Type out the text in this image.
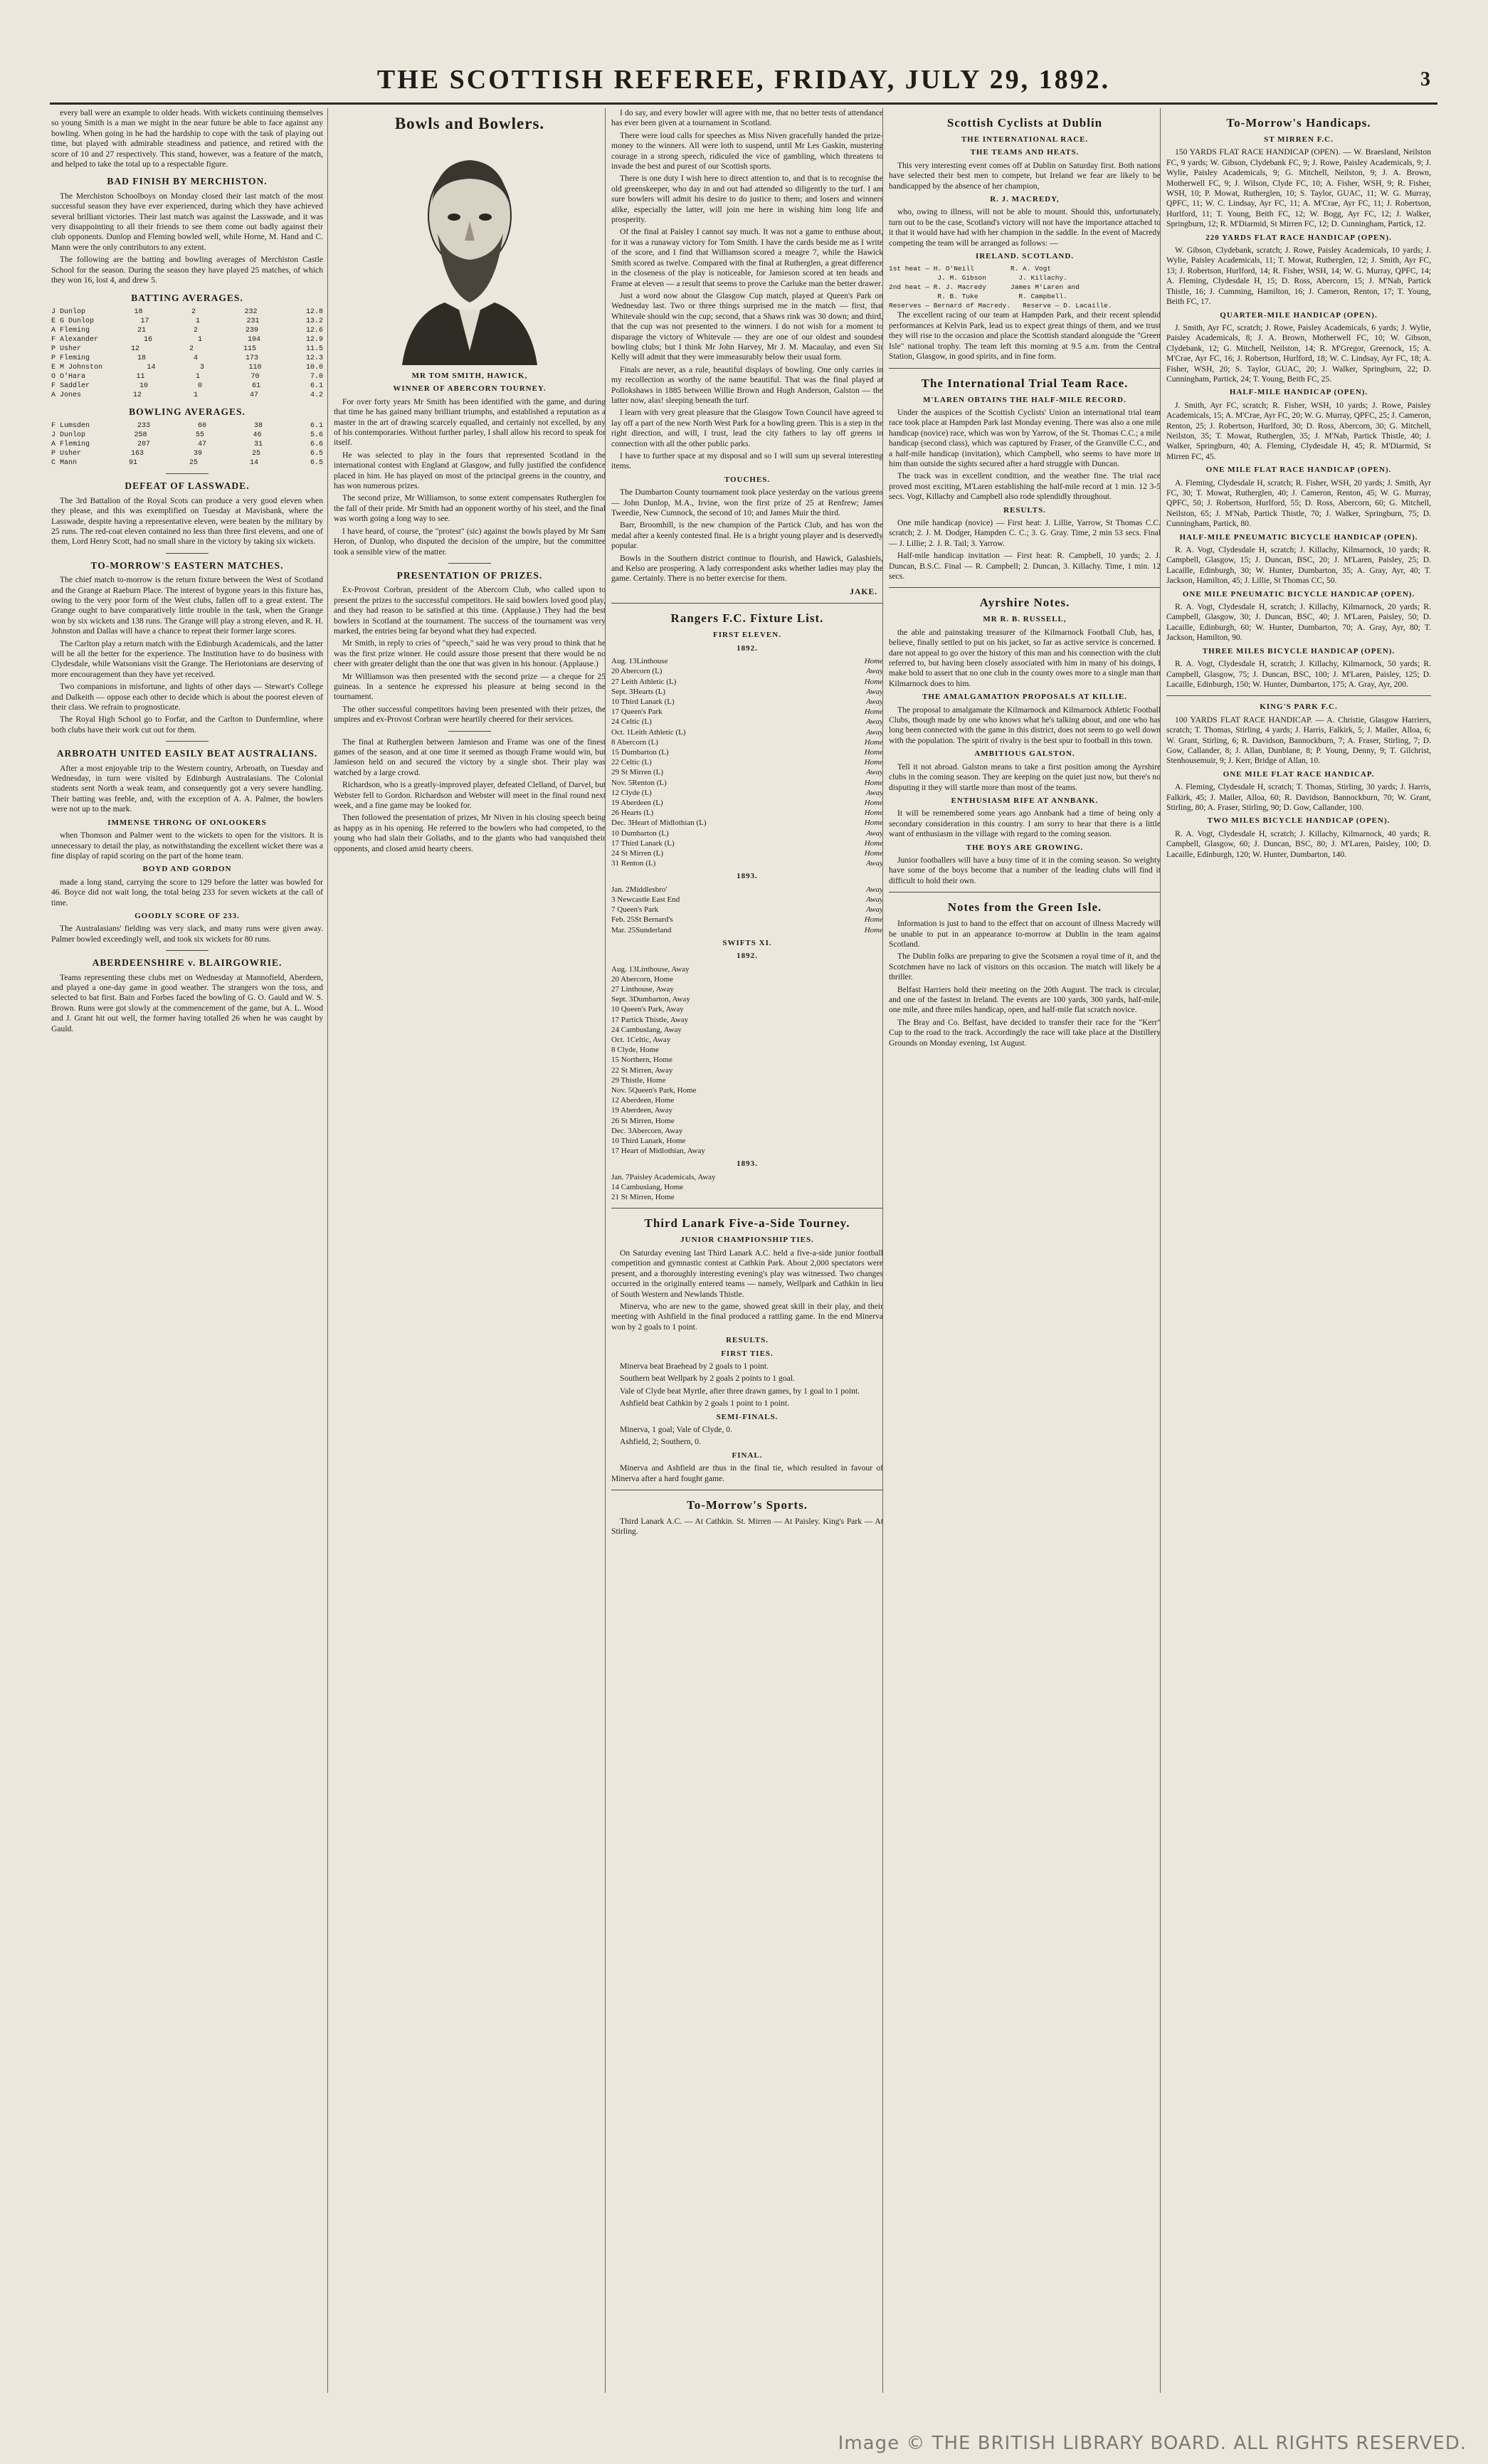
THE SCOTTISH REFEREE, FRIDAY, JULY 29, 1892.	3

every ball were an example to older heads. With wickets continuing themselves so young Smith is a man we might in the near future be able to face against any bowling. When going in he had the hardship to cope with the task of playing out time, but played with admirable steadiness and patience, and retired with the score of 10 and 27 respectively. This stand, however, was a feature of the match, and helped to take the total up to a respectable figure.

BAD FINISH BY MERCHISTON.

The Merchiston Schoolboys on Monday closed their last match of the most successful season they have ever experienced, during which they have achieved several brilliant victories. Their last match was against the Lasswade, and it was very disappointing to all their friends to see them come out badly against their club opponents. Dunlop and Fleming bowled well, while Horne, M. Hand and C. Mann were the only contributors to any extent.

The following are the batting and bowling averages of Merchiston Castle School for the season. During the season they have played 25 matches, of which they won 16, lost 4, and drew 5.

BATTING AVERAGES.
J Dunlop	18	2	232	12.8
E G Dunlop	17	1	231	13.2
A Fleming	21	2	239	12.6
F Alexander	16	1	194	12.9
P Usher	12	2	115	11.5
P Fleming	18	4	173	12.3
E M Johnston	14	3	110	10.0
O O'Hara	11	1	70	7.0
F Saddler	10	0	61	6.1
A Jones	12	1	47	4.2
BOWLING AVERAGES.
F Lumsden	233	60	38	6.1
J Dunlop	258	55	46	5.6
A Fleming	207	47	31	6.6
P Usher	163	39	25	6.5
C Mann	91	25	14	6.5
DEFEAT OF LASSWADE.

The 3rd Battalion of the Royal Scots can produce a very good eleven when they please, and this was exemplified on Tuesday at Mavisbank, where the Lasswade, despite having a representative eleven, were beaten by the military by 25 runs. The red-coat eleven contained no less than three first elevens, and one of them, Lord Henry Scott, had no small share in the victory by taking six wickets.

TO-MORROW'S EASTERN MATCHES.

The chief match to-morrow is the return fixture between the West of Scotland and the Grange at Raeburn Place. The interest of bygone years in this fixture has, owing to the very poor form of the West clubs, fallen off to a great extent. The Grange ought to have comparatively little trouble in the task, when the Grange won by six wickets and 138 runs. The Grange will play a strong eleven, and R. H. Johnston and Dallas will have a chance to repeat their former large scores.

The Carlton play a return match with the Edinburgh Academicals, and the latter will be all the better for the experience. The Institution have to do business with Clydesdale, while Watsonians visit the Grange. The Heriotonians are deserving of more encouragement than they have yet received.

Two companions in misfortune, and lights of other days — Stewart's College and Dalkeith — oppose each other to decide which is about the poorest eleven of their class. We refrain to prognosticate.

The Royal High School go to Forfar, and the Carlton to Dunfermline, where both clubs have their work cut out for them.

ARBROATH UNITED EASILY BEAT AUSTRALIANS.

After a most enjoyable trip to the Western country, Arbroath, on Tuesday and Wednesday, in turn were visited by Edinburgh Australasians. The Colonial students sent North a weak team, and consequently got a very severe handling. Their batting was feeble, and, with the exception of A. A. Palmer, the bowlers were not up to the mark.

IMMENSE THRONG OF ONLOOKERS

when Thomson and Palmer went to the wickets to open for the visitors. It is unnecessary to detail the play, as notwithstanding the excellent wicket there was a fine display of rapid scoring on the part of the home team.

BOYD AND GORDON

made a long stand, carrying the score to 129 before the latter was bowled for 46. Boyce did not wait long, the total being 233 for seven wickets at the call of time.

GOODLY SCORE OF 233.

The Australasians' fielding was very slack, and many runs were given away. Palmer bowled exceedingly well, and took six wickets for 80 runs.

ABERDEENSHIRE v. BLAIRGOWRIE.

Teams representing these clubs met on Wednesday at Mannofield, Aberdeen, and played a one-day game in good weather. The strangers won the toss, and selected to bat first. Bain and Forbes faced the bowling of G. O. Gauld and W. S. Brown. Runs were got slowly at the commencement of the game, but A. L. Wood and J. Grant hit out well, the former having totalled 26 when he was caught by Gauld.

Bowls and Bowlers.
MR TOM SMITH, HAWICK,
WINNER OF ABERCORN TOURNEY.

For over forty years Mr Smith has been identified with the game, and during that time he has gained many brilliant triumphs, and established a reputation as a master in the art of drawing scarcely equalled, and certainly not excelled, by any of his contemporaries. Without further parley, I shall allow his record to speak for itself.

He was selected to play in the fours that represented Scotland in the international contest with England at Glasgow, and fully justified the confidence placed in him. He has played on most of the principal greens in the country, and has won numerous prizes.

The second prize, Mr Williamson, to some extent compensates Rutherglen for the fall of their pride. Mr Smith had an opponent worthy of his steel, and the final was worth going a long way to see.

I have heard, of course, the "protest" (sic) against the bowls played by Mr Sam Heron, of Dunlop, who disputed the decision of the umpire, but the committee took a sensible view of the matter.

PRESENTATION OF PRIZES.

Ex-Provost Corbran, president of the Abercorn Club, who called upon to present the prizes to the successful competitors. He said bowlers loved good play, and they had reason to be satisfied at this time. (Applause.) They had the best bowlers in Scotland at the tournament. The success of the tournament was very marked, the entries being far beyond what they had expected.

Mr Smith, in reply to cries of "speech," said he was very proud to think that he was the first prize winner. He could assure those present that there would be no cheer with greater delight than the one that was given in his honour. (Applause.)

Mr Williamson was then presented with the second prize — a cheque for 25 guineas. In a sentence he expressed his pleasure at being second in the tournament.

The other successful competitors having been presented with their prizes, the umpires and ex-Provost Corbran were heartily cheered for their services.

The final at Rutherglen between Jamieson and Frame was one of the finest games of the season, and at one time it seemed as though Frame would win, but Jamieson held on and secured the victory by a single shot. Their play was watched by a large crowd.

Richardson, who is a greatly-improved player, defeated Clelland, of Darvel, but Webster fell to Gordon. Richardson and Webster will meet in the final round next week, and a fine game may be looked for.

Then followed the presentation of prizes, Mr Niven in his closing speech being as happy as in his opening. He referred to the bowlers who had competed, to the young who had slain their Goliaths, and to the giants who had vanquished their opponents, and closed amid hearty cheers.

I do say, and every bowler will agree with me, that no better tests of attendance has ever been given at a tournament in Scotland.

There were loud calls for speeches as Miss Niven gracefully handed the prize-money to the winners. All were loth to suspend, until Mr Les Gaskin, mustering courage in a strong speech, ridiculed the vice of gambling, which threatens to invade the best and purest of our Scottish sports.

There is one duty I wish here to direct attention to, and that is to recognise the old greenskeeper, who day in and out had attended so diligently to the turf. I am sure bowlers will admit his desire to do justice to them; and losers and winners alike, especially the latter, will join me here in wishing him long life and prosperity.

Of the final at Paisley I cannot say much. It was not a game to enthuse about, for it was a runaway victory for Tom Smith. I have the cards beside me as I write of the score, and I find that Williamson scored a meagre 7, while the Hawick Smith scored as twelve. Compared with the final at Rutherglen, a great difference in the closeness of the play is noticeable, for Jamieson scored at ten heads and Frame at eleven — a result that seems to prove the Carluke man the better drawer.

Just a word now about the Glasgow Cup match, played at Queen's Park on Wednesday last. Two or three things surprised me in the match — first, that Whitevale should win the cup; second, that a Shaws rink was 30 down; and third, that the cup was not presented to the winners. I do not wish for a moment to disparage the victory of Whitevale — they are one of our oldest and soundest bowling clubs; but I think Mr John Harvey, Mr J. M. Macaulay, and even Sir Kelly will admit that they were immeasurably below their usual form.

Finals are never, as a rule, beautiful displays of bowling. One only carries in my recollection as worthy of the name beautiful. That was the final played at Pollokshaws in 1885 between Willie Brown and Hugh Anderson, Galston — the latter now, alas! sleeping beneath the turf.

I learn with very great pleasure that the Glasgow Town Council have agreed to lay off a part of the new North West Park for a bowling green. This is a step in the right direction, and will, I trust, lead the city fathers to lay off greens in connection with all the other public parks.

I have to further space at my disposal and so I will sum up several interesting items.

TOUCHES.

The Dumbarton County tournament took place yesterday on the various greens — John Dunlop, M.A., Irvine, won the first prize of 25 at Renfrew; James Tweedie, New Cumnock, the second of 10; and James Muir the third.

Barr, Broomhill, is the new champion of the Partick Club, and has won the medal after a keenly contested final. He is a bright young player and is deservedly popular.

Bowls in the Southern district continue to flourish, and Hawick, Galashiels, and Kelso are prospering. A lady correspondent asks whether ladies may play the game. Certainly. There is no better exercise for them.

JAKE.
Rangers F.C. Fixture List.
FIRST ELEVEN.
1892.
Aug. 13 Linthouse	Home
20 Abercorn (L)	Away
27 Leith Athletic (L)	Home
Sept. 3 Hearts (L)	Away
10 Third Lanark (L)	Away
17 Queen's Park	Home
24 Celtic (L)	Away
Oct. 1 Leith Athletic (L)	Away
8 Abercorn (L)	Home
15 Dumbarton (L)	Home
22 Celtic (L)	Home
29 St Mirren (L)	Away
Nov. 5 Renton (L)	Home
12 Clyde (L)	Away
19 Aberdeen (L)	Home
26 Hearts (L)	Home
Dec. 3 Heart of Midlothian (L)	Home
10 Dumbarton (L)	Away
17 Third Lanark (L)	Home
24 St Mirren (L)	Home
31 Renton (L)	Away
1893.
Jan. 2 Middlesbro'	Away
3 Newcastle East End	Away
7 Queen's Park	Away
Feb. 25 St Bernard's	Home
Mar. 25 Sunderland	Home
SWIFTS XI.
1892.
Aug. 13 Linthouse, Away
20 Abercorn, Home
27 Linthouse, Away
Sept. 3 Dumbarton, Away
10 Queen's Park, Away
17 Partick Thistle, Away
24 Cambuslang, Away
Oct. 1 Celtic, Away
8 Clyde, Home
15 Northern, Home
22 St Mirren, Away
29 Thistle, Home
Nov. 5 Queen's Park, Home
12 Aberdeen, Home
19 Aberdeen, Away
26 St Mirren, Home
Dec. 3 Abercorn, Away
10 Third Lanark, Home
17 Heart of Midlothian, Away
1893.
Jan. 7 Paisley Academicals, Away
14 Cambuslang, Home
21 St Mirren, Home
Third Lanark Five-a-Side Tourney.
JUNIOR CHAMPIONSHIP TIES.

On Saturday evening last Third Lanark A.C. held a five-a-side junior football competition and gymnastic contest at Cathkin Park. About 2,000 spectators were present, and a thoroughly interesting evening's play was witnessed. Two changes occurred in the originally entered teams — namely, Wellpark and Cathkin in lieu of South Western and Newlands Thistle.

Minerva, who are new to the game, showed great skill in their play, and their meeting with Ashfield in the final produced a rattling game. In the end Minerva won by 2 goals to 1 point.

RESULTS.
FIRST TIES.

Minerva beat Braehead by 2 goals to 1 point.

Southern beat Wellpark by 2 goals 2 points to 1 goal.

Vale of Clyde beat Myrtle, after three drawn games, by 1 goal to 1 point.

Ashfield beat Cathkin by 2 goals 1 point to 1 point.

SEMI-FINALS.

Minerva, 1 goal; Vale of Clyde, 0.

Ashfield, 2; Southern, 0.

FINAL.

Minerva and Ashfield are thus in the final tie, which resulted in favour of Minerva after a hard fought game.

To-Morrow's Sports.

Third Lanark A.C. — At Cathkin. St. Mirren — At Paisley. King's Park — At Stirling.

Scottish Cyclists at Dublin
THE INTERNATIONAL RACE.
THE TEAMS AND HEATS.

This very interesting event comes off at Dublin on Saturday first. Both nations have selected their best men to compete, but Ireland we fear are likely to be handicapped by the absence of her champion,

R. J. MACREDY,

who, owing to illness, will not be able to mount. Should this, unfortunately, turn out to be the case, Scotland's victory will not have the importance attached to it that it would have had with her champion in the saddle. In the event of Macredy competing the team will be arranged as follows: —

IRELAND. SCOTLAND.
1st heat — H. O'Neill         R. A. Vogt
J. M. Gibson        J. Killachy.
2nd heat — R. J. Macredy      James M'Laren and
R. B. Tuke          R. Campbell.
Reserves — Bernard of Macredy.   Reserve — D. Lacaille.

The excellent racing of our team at Hampden Park, and their recent splendid performances at Kelvin Park, lead us to expect great things of them, and we trust they will rise to the occasion and place the Scottish standard alongside the "Green Isle" national trophy. The team left this morning at 9.5 a.m. from the Central Station, Glasgow, in good spirits, and in fine form.

The International Trial Team Race.
M'LAREN OBTAINS THE HALF-MILE RECORD.

Under the auspices of the Scottish Cyclists' Union an international trial team race took place at Hampden Park last Monday evening. There was also a one mile handicap (novice) race, which was won by Yarrow, of the St. Thomas C.C.; a mile handicap (second class), which was captured by Fraser, of the Granville C.C., and a half-mile handicap (invitation), which Campbell, who seems to have more in him than outside the sights secured after a hard struggle with Duncan.

The track was in excellent condition, and the weather fine. The trial race proved most exciting, M'Laren establishing the half-mile record at 1 min. 12 3-5 secs. Vogt, Killachy and Campbell also rode splendidly throughout.

RESULTS.

One mile handicap (novice) — First heat: J. Lillie, Yarrow, St Thomas C.C. scratch; 2. J. M. Dodger, Hampden C. C.; 3. G. Gray. Time, 2 min 53 secs. Final — J. Lillie; 2. J. R. Tail; 3. Yarrow.

Half-mile handicap invitation — First heat: R. Campbell, 10 yards; 2. J. Duncan, B.S.C. Final — R. Campbell; 2. Duncan, 3. Killachy. Time, 1 min. 12 secs.

Ayrshire Notes.
MR R. B. RUSSELL,

the able and painstaking treasurer of the Kilmarnock Football Club, has, I believe, finally settled to put on his jacket, so far as active service is concerned. I dare not appeal to go over the history of this man and his connection with the club referred to, but having been closely associated with him in many of his doings, I make bold to assert that no one club in the county owes more to a single man than Kilmarnock does to him.

THE AMALGAMATION PROPOSALS AT KILLIE.

The proposal to amalgamate the Kilmarnock and Kilmarnock Athletic Football Clubs, though made by one who knows what he's talking about, and one who has long been connected with the game in this district, does not seem to go well down with the population. The spirit of rivalry is the best spur to football in this town.

AMBITIOUS GALSTON.

Tell it not abroad. Galston means to take a first position among the Ayrshire clubs in the coming season. They are keeping on the quiet just now, but there's no disputing it they will startle more than most of the teams.

ENTHUSIASM RIFE AT ANNBANK.

It will be remembered some years ago Annbank had a time of being only a secondary consideration in this country. I am sorry to hear that there is a little want of enthusiasm in the village with regard to the coming season.

THE BOYS ARE GROWING.

Junior footballers will have a busy time of it in the coming season. So weighty have some of the boys become that a number of the leading clubs will find it difficult to hold their own.

Notes from the Green Isle.

Information is just to hand to the effect that on account of illness Macredy will be unable to put in an appearance to-morrow at Dublin in the team against Scotland.

The Dublin folks are preparing to give the Scotsmen a royal time of it, and the Scotchmen have no lack of visitors on this occasion. The match will likely be a thriller.

Belfast Harriers hold their meeting on the 20th August. The track is circular, and one of the fastest in Ireland. The events are 100 yards, 300 yards, half-mile, one mile, and three miles handicap, open, and half-mile flat scratch novice.

The Bray and Co. Belfast, have decided to transfer their race for the "Kerr" Cup to the road to the track. Accordingly the race will take place at the Distillery Grounds on Monday evening, 1st August.

To-Morrow's Handicaps.
ST MIRREN F.C.

150 YARDS FLAT RACE HANDICAP (OPEN). — W. Braesland, Neilston FC, 9 yards; W. Gibson, Clydebank FC, 9; J. Rowe, Paisley Academicals, 9; J. Wylie, Paisley Academicals, 9; G. Mitchell, Neilston, 9; J. A. Brown, Motherwell FC, 9; J. Wilson, Clyde FC, 10; A. Fisher, WSH, 9; R. Fisher, WSH, 10; P. Mowat, Rutherglen, 10; S. Taylor, GUAC, 11; W. G. Murray, QPFC, 11; W. C. Lindsay, Ayr FC, 11; A. M'Crae, Ayr FC, 11; J. Robertson, Hurlford, 11; T. Young, Beith FC, 12; W. Bogg, Ayr FC, 12; J. Walker, Springburn, 12; R. M'Diarmid, St Mirren FC, 12; D. Cunningham, Partick, 12.

220 YARDS FLAT RACE HANDICAP (OPEN).

W. Gibson, Clydebank, scratch; J. Rowe, Paisley Academicals, 10 yards; J. Wylie, Paisley Academicals, 11; T. Mowat, Rutherglen, 12; J. Smith, Ayr FC, 13; J. Robertson, Hurlford, 14; R. Fisher, WSH, 14; W. G. Murray, QPFC, 14; A. Fleming, Clydesdale H, 15; D. Ross, Abercorn, 15; J. M'Nab, Partick Thistle, 16; J. Cumming, Hamilton, 16; J. Cameron, Renton, 17; T. Young, Beith FC, 17.

QUARTER-MILE HANDICAP (OPEN).

J. Smith, Ayr FC, scratch; J. Rowe, Paisley Academicals, 6 yards; J. Wylie, Paisley Academicals, 8; J. A. Brown, Motherwell FC, 10; W. Gibson, Clydebank, 12; G. Mitchell, Neilston, 14; R. M'Gregor, Greenock, 15; A. M'Crae, Ayr FC, 16; J. Robertson, Hurlford, 18; W. C. Lindsay, Ayr FC, 18; A. Fisher, WSH, 20; S. Taylor, GUAC, 20; J. Walker, Springburn, 22; D. Cunningham, Partick, 24; T. Young, Beith FC, 25.

HALF-MILE HANDICAP (OPEN).

J. Smith, Ayr FC, scratch; R. Fisher, WSH, 10 yards; J. Rowe, Paisley Academicals, 15; A. M'Crae, Ayr FC, 20; W. G. Murray, QPFC, 25; J. Cameron, Renton, 25; J. Robertson, Hurlford, 30; D. Ross, Abercorn, 30; G. Mitchell, Neilston, 35; T. Mowat, Rutherglen, 35; J. M'Nab, Partick Thistle, 40; J. Walker, Springburn, 40; A. Fleming, Clydesdale H, 45; R. M'Diarmid, St Mirren FC, 45.

ONE MILE FLAT RACE HANDICAP (OPEN).

A. Fleming, Clydesdale H, scratch; R. Fisher, WSH, 20 yards; J. Smith, Ayr FC, 30; T. Mowat, Rutherglen, 40; J. Cameron, Renton, 45; W. G. Murray, QPFC, 50; J. Robertson, Hurlford, 55; D. Ross, Abercorn, 60; G. Mitchell, Neilston, 65; J. M'Nab, Partick Thistle, 70; J. Walker, Springburn, 75; D. Cunningham, Partick, 80.

HALF-MILE PNEUMATIC BICYCLE HANDICAP (OPEN).

R. A. Vogt, Clydesdale H, scratch; J. Killachy, Kilmarnock, 10 yards; R. Campbell, Glasgow, 15; J. Duncan, BSC, 20; J. M'Laren, Paisley, 25; D. Lacaille, Edinburgh, 30; W. Hunter, Dumbarton, 35; A. Gray, Ayr, 40; T. Jackson, Hamilton, 45; J. Lillie, St Thomas CC, 50.

ONE MILE PNEUMATIC BICYCLE HANDICAP (OPEN).

R. A. Vogt, Clydesdale H, scratch; J. Killachy, Kilmarnock, 20 yards; R. Campbell, Glasgow, 30; J. Duncan, BSC, 40; J. M'Laren, Paisley, 50; D. Lacaille, Edinburgh, 60; W. Hunter, Dumbarton, 70; A. Gray, Ayr, 80; T. Jackson, Hamilton, 90.

THREE MILES BICYCLE HANDICAP (OPEN).

R. A. Vogt, Clydesdale H, scratch; J. Killachy, Kilmarnock, 50 yards; R. Campbell, Glasgow, 75; J. Duncan, BSC, 100; J. M'Laren, Paisley, 125; D. Lacaille, Edinburgh, 150; W. Hunter, Dumbarton, 175; A. Gray, Ayr, 200.

KING'S PARK F.C.

100 YARDS FLAT RACE HANDICAP. — A. Christie, Glasgow Harriers, scratch; T. Thomas, Stirling, 4 yards; J. Harris, Falkirk, 5; J. Mailer, Alloa, 6; W. Grant, Stirling, 6; R. Davidson, Bannockburn, 7; A. Fraser, Stirling, 7; D. Gow, Callander, 8; J. Allan, Dunblane, 8; P. Young, Denny, 9; T. Gilchrist, Stenhousemuir, 9; J. Kerr, Bridge of Allan, 10.

ONE MILE FLAT RACE HANDICAP.

A. Fleming, Clydesdale H, scratch; T. Thomas, Stirling, 30 yards; J. Harris, Falkirk, 45; J. Mailer, Alloa, 60; R. Davidson, Bannockburn, 70; W. Grant, Stirling, 80; A. Fraser, Stirling, 90; D. Gow, Callander, 100.

TWO MILES BICYCLE HANDICAP (OPEN).

R. A. Vogt, Clydesdale H, scratch; J. Killachy, Kilmarnock, 40 yards; R. Campbell, Glasgow, 60; J. Duncan, BSC, 80; J. M'Laren, Paisley, 100; D. Lacaille, Edinburgh, 120; W. Hunter, Dumbarton, 140.

Image © THE BRITISH LIBRARY BOARD. ALL RIGHTS RESERVED.
